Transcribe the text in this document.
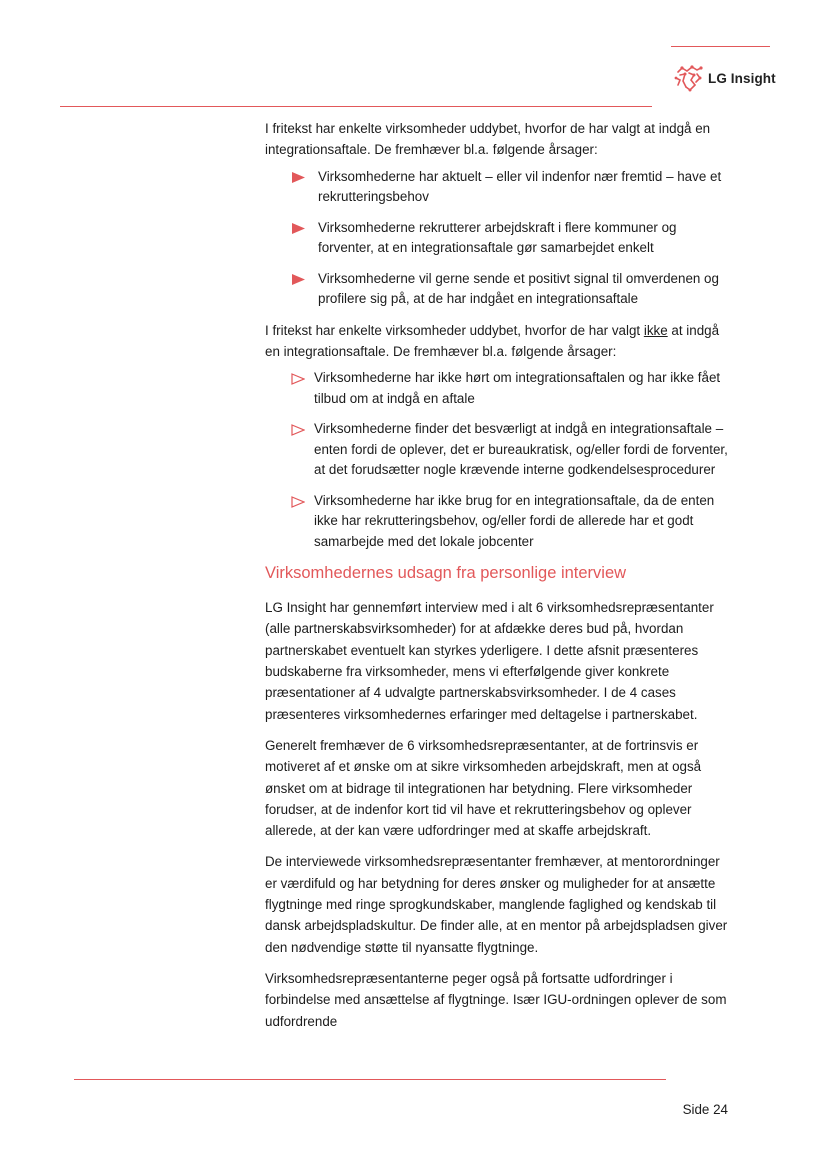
LG Insight

I fritekst har enkelte virksomheder uddybet, hvorfor de har valgt at indgå en integrationsaftale. De fremhæver bl.a. følgende årsager:

Virksomhederne har aktuelt – eller vil indenfor nær fremtid – have et rekrutteringsbehov
Virksomhederne rekrutterer arbejdskraft i flere kommuner og forventer, at en integrationsaftale gør samarbejdet enkelt
Virksomhederne vil gerne sende et positivt signal til omverdenen og profilere sig på, at de har indgået en integrationsaftale

I fritekst har enkelte virksomheder uddybet, hvorfor de har valgt ikke at indgå en integrationsaftale. De fremhæver bl.a. følgende årsager:

Virksomhederne har ikke hørt om integrationsaftalen og har ikke fået tilbud om at indgå en aftale
Virksomhederne finder det besværligt at indgå en integrationsaftale – enten fordi de oplever, det er bureaukratisk, og/eller fordi de forventer, at det forudsætter nogle krævende interne godkendelsesprocedurer
Virksomhederne har ikke brug for en integrationsaftale, da de enten ikke har rekrutteringsbehov, og/eller fordi de allerede har et godt samarbejde med det lokale jobcenter
Virksomhedernes udsagn fra personlige interview

LG Insight har gennemført interview med i alt 6 virksomhedsrepræsentanter (alle partnerskabsvirksomheder) for at afdække deres bud på, hvordan partnerskabet eventuelt kan styrkes yderligere. I dette afsnit præsenteres budskaberne fra virksomheder, mens vi efterfølgende giver konkrete præsentationer af 4 udvalgte partnerskabsvirksomheder. I de 4 cases præsenteres virksomhedernes erfaringer med deltagelse i partnerskabet.

Generelt fremhæver de 6 virksomhedsrepræsentanter, at de fortrinsvis er motiveret af et ønske om at sikre virksomheden arbejdskraft, men at også ønsket om at bidrage til integrationen har betydning. Flere virksomheder forudser, at de indenfor kort tid vil have et rekrutteringsbehov og oplever allerede, at der kan være udfordringer med at skaffe arbejdskraft.

De interviewede virksomhedsrepræsentanter fremhæver, at mentorordninger er værdifuld og har betydning for deres ønsker og muligheder for at ansætte flygtninge med ringe sprogkundskaber, manglende faglighed og kendskab til dansk arbejdspladskultur. De finder alle, at en mentor på arbejdspladsen giver den nødvendige støtte til nyansatte flygtninge.

Virksomhedsrepræsentanterne peger også på fortsatte udfordringer i forbindelse med ansættelse af flygtninge. Især IGU-ordningen oplever de som udfordrende

Side 24
